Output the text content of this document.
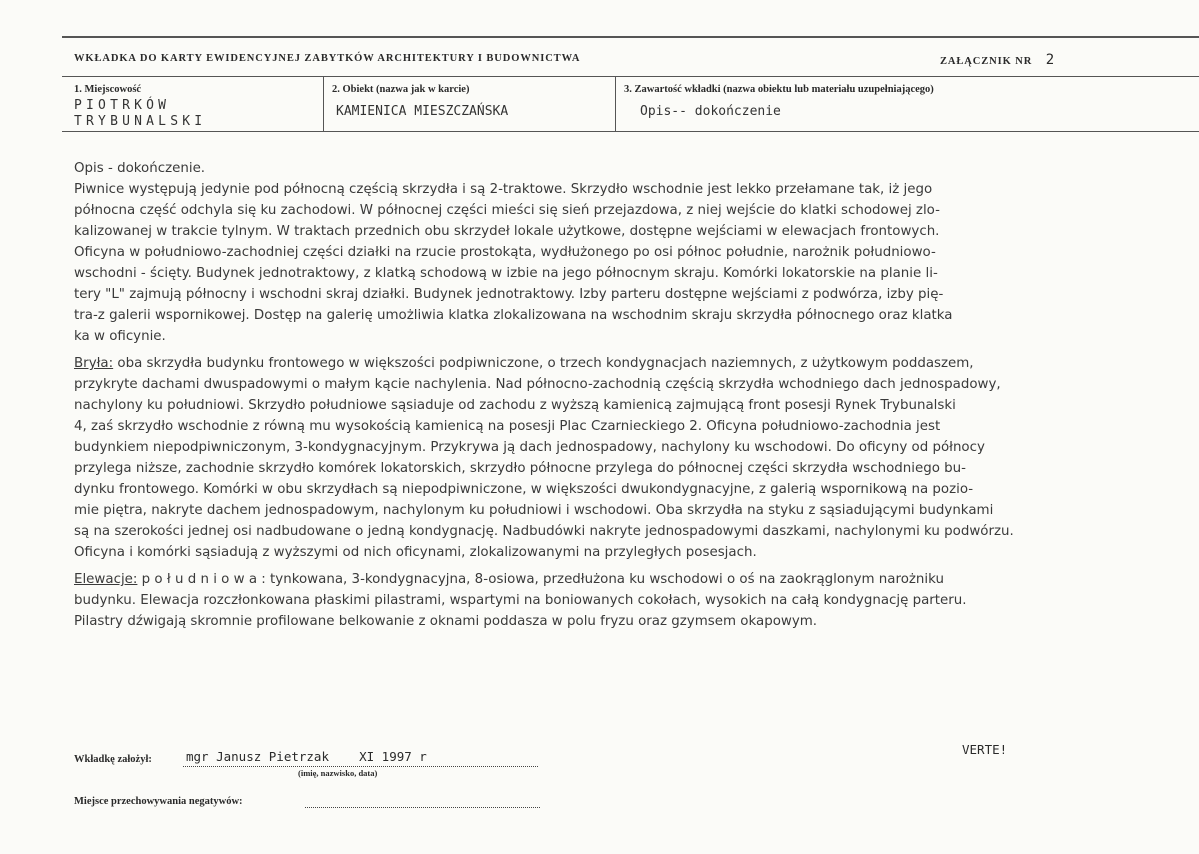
WKŁADKA DO KARTY EWIDENCYJNEJ ZABYTKÓW ARCHITEKTURY I BUDOWNICTWA	ZAŁĄCZNIK NR 2
1. Miejscowość
PIOTRKÓW
TRYBUNALSKI
2. Obiekt (nazwa jak w karcie)
KAMIENICA MIESZCZAŃSKA
3. Zawartość wkładki (nazwa obiektu lub materiału uzupełniającego)
Opis-- dokończenie
Opis - dokończenie.
Piwnice występują jedynie pod północną częścią skrzydła i są 2-traktowe. Skrzydło wschodnie jest lekko przełamane tak, iż jego
północna część odchyla się ku zachodowi. W północnej części mieści się sień przejazdowa, z niej wejście do klatki schodowej zlo-
kalizowanej w trakcie tylnym. W traktach przednich obu skrzydeł lokale użytkowe, dostępne wejściami w elewacjach frontowych.
Oficyna w południowo-zachodniej części działki na rzucie prostokąta, wydłużonego po osi północ południe, narożnik południowo-
wschodni - ścięty. Budynek jednotraktowy, z klatką schodową w izbie na jego północnym skraju. Komórki lokatorskie na planie li-
tery "L" zajmują północny i wschodni skraj działki. Budynek jednotraktowy. Izby parteru dostępne wejściami z podwórza, izby pię-
tra-z galerii wspornikowej. Dostęp na galerię umożliwia klatka zlokalizowana na wschodnim skraju skrzydła północnego oraz klatka
ka w oficynie.
Bryła: oba skrzydła budynku frontowego w większości podpiwniczone, o trzech kondygnacjach naziemnych, z użytkowym poddaszem,
przykryte dachami dwuspadowymi o małym kącie nachylenia. Nad północno-zachodnią częścią skrzydła wchodniego dach jednospadowy,
nachylony ku południowi. Skrzydło południowe sąsiaduje od zachodu z wyższą kamienicą zajmującą front posesji Rynek Trybunalski
4, zaś skrzydło wschodnie z równą mu wysokością kamienicą na posesji Plac Czarnieckiego 2. Oficyna południowo-zachodnia jest
budynkiem niepodpiwniczonym, 3-kondygnacyjnym. Przykrywa ją dach jednospadowy, nachylony ku wschodowi. Do oficyny od północy
przylega niższe, zachodnie skrzydło komórek lokatorskich, skrzydło północne przylega do północnej części skrzydła wschodniego bu-
dynku frontowego. Komórki w obu skrzydłach są niepodpiwniczone, w większości dwukondygnacyjne, z galerią wspornikową na pozio-
mie piętra, nakryte dachem jednospadowym, nachylonym ku południowi i wschodowi. Oba skrzydła na styku z sąsiadującymi budynkami
są na szerokości jednej osi nadbudowane o jedną kondygnację. Nadbudówki nakryte jednospadowymi daszkami, nachylonymi ku podwórzu.
Oficyna i komórki sąsiadują z wyższymi od nich oficynami, zlokalizowanymi na przyległych posesjach.
Elewacje: p o ł u d n i o w a : tynkowana, 3-kondygnacyjna, 8-osiowa, przedłużona ku wschodowi o oś na zaokrąglonym narożniku
budynku. Elewacja rozczłonkowana płaskimi pilastrami, wspartymi na boniowanych cokołach, wysokich na całą kondygnację parteru.
Pilastry dźwigają skromnie profilowane belkowanie z oknami poddasza w polu fryzu oraz gzymsem okapowym.
VERTE!
Wkładkę założył:	mgr Janusz Pietrzak    XI 1997 r
(imię, nazwisko, data)
Miejsce przechowywania negatywów:
